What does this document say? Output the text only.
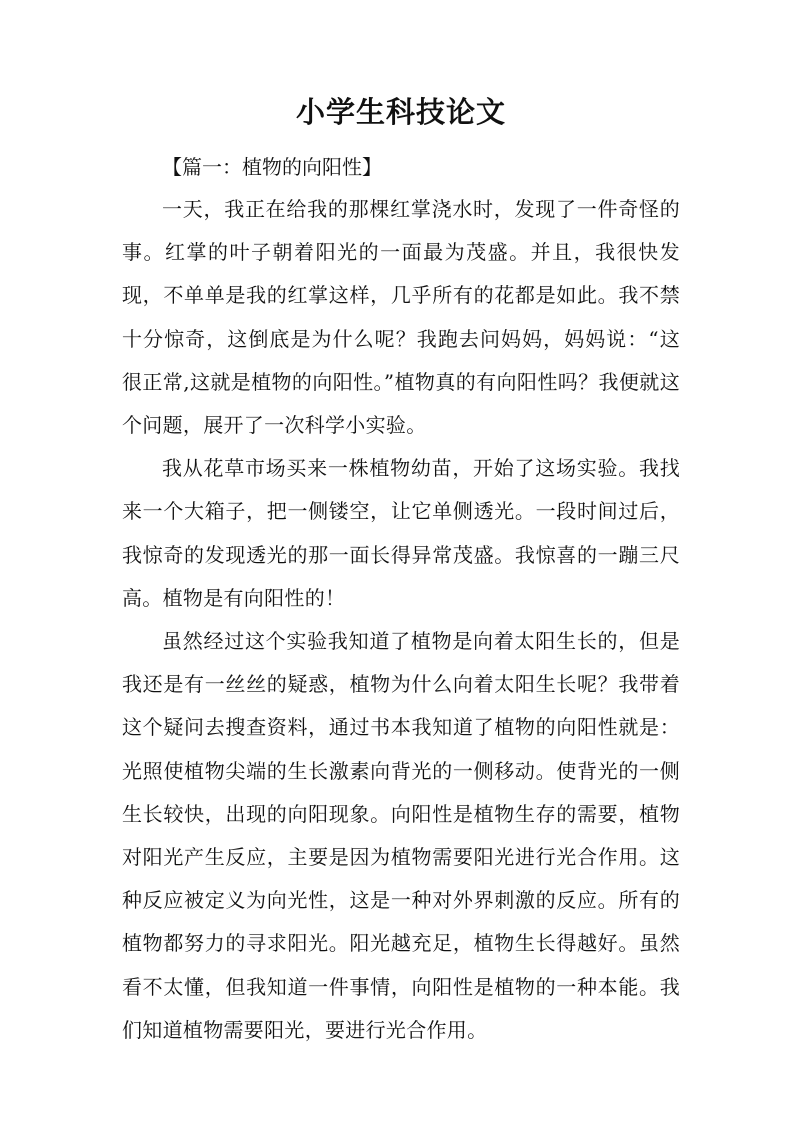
小学生科技论文

【篇一：植物的向阳性】

一天，我正在给我的那棵红掌浇水时，发现了一件奇怪的事。红掌的叶子朝着阳光的一面最为茂盛。并且，我很快发现，不单单是我的红掌这样，几乎所有的花都是如此。我不禁十分惊奇，这倒底是为什么呢？我跑去问妈妈，妈妈说：“这很正常,这就是植物的向阳性。”植物真的有向阳性吗？我便就这个问题，展开了一次科学小实验。

我从花草市场买来一株植物幼苗，开始了这场实验。我找来一个大箱子，把一侧镂空，让它单侧透光。一段时间过后，我惊奇的发现透光的那一面长得异常茂盛。我惊喜的一蹦三尺高。植物是有向阳性的！

虽然经过这个实验我知道了植物是向着太阳生长的，但是我还是有一丝丝的疑惑，植物为什么向着太阳生长呢？我带着这个疑问去搜查资料，通过书本我知道了植物的向阳性就是：光照使植物尖端的生长激素向背光的一侧移动。使背光的一侧生长较快，出现的向阳现象。向阳性是植物生存的需要，植物对阳光产生反应，主要是因为植物需要阳光进行光合作用。这种反应被定义为向光性，这是一种对外界刺激的反应。所有的植物都努力的寻求阳光。阳光越充足，植物生长得越好。虽然看不太懂，但我知道一件事情，向阳性是植物的一种本能。我们知道植物需要阳光，要进行光合作用。
